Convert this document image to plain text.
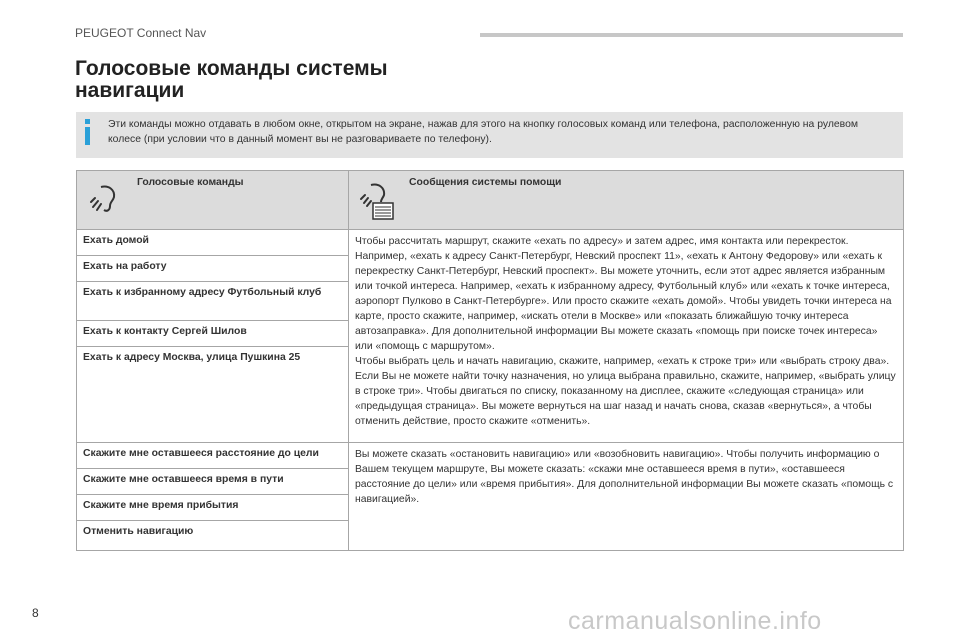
PEUGEOT Connect Nav
Голосовые команды системы
навигации
Эти команды можно отдавать в любом окне, открытом на экране, нажав для этого на кнопку голосовых команд или телефона, расположенную на рулевом колесе (при условии что в данный момент вы не разговариваете по телефону).
Голосовые команды	Сообщения системы помощи

Ехать домой	Чтобы рассчитать маршрут, скажите «ехать по адресу» и затем адрес, имя контакта или перекресток. Например, «ехать к адресу Санкт-Петербург, Невский проспект 11», «ехать к Антону Федорову» или «ехать к перекрестку Санкт-Петербург, Невский проспект». Вы можете уточнить, если этот адрес является избранным или точкой интереса. Например, «ехать к избранному адресу, Футбольный клуб» или «ехать к точке интереса, аэропорт Пулково в Санкт-Петербурге». Или просто скажите «ехать домой». Чтобы увидеть точки интереса на карте, просто скажите, например, «искать отели в Москве» или «показать ближайшую точку интереса автозаправка». Для дополнительной информации Вы можете сказать «помощь при поиске точек интереса» или «помощь с маршрутом».
Чтобы выбрать цель и начать навигацию, скажите, например, «ехать к строке три» или «выбрать строку два». Если Вы не можете найти точку назначения, но улица выбрана правильно, скажите, например, «выбрать улицу в строке три». Чтобы двигаться по списку, показанному на дисплее, скажите «следующая страница» или «предыдущая страница». Вы можете вернуться на шаг назад и начать снова, сказав «вернуться», а чтобы отменить действие, просто скажите «отменить».
Ехать на работу	
Ехать к избранному адресу Футбольный клуб	
Ехать к контакту Сергей Шилов	
Ехать к адресу Москва, улица Пушкина 25	
Скажите мне оставшееся расстояние до цели	Вы можете сказать «остановить навигацию» или «возобновить навигацию». Чтобы получить информацию о Вашем текущем маршруте, Вы можете сказать: «скажи мне оставшееся время в пути», «оставшееся расстояние до цели» или «время прибытия». Для дополнительной информации Вы можете сказать «помощь с навигацией».
Скажите мне оставшееся время в пути	
Скажите мне время прибытия	
Отменить навигацию	
8	carmanualsonline.info
